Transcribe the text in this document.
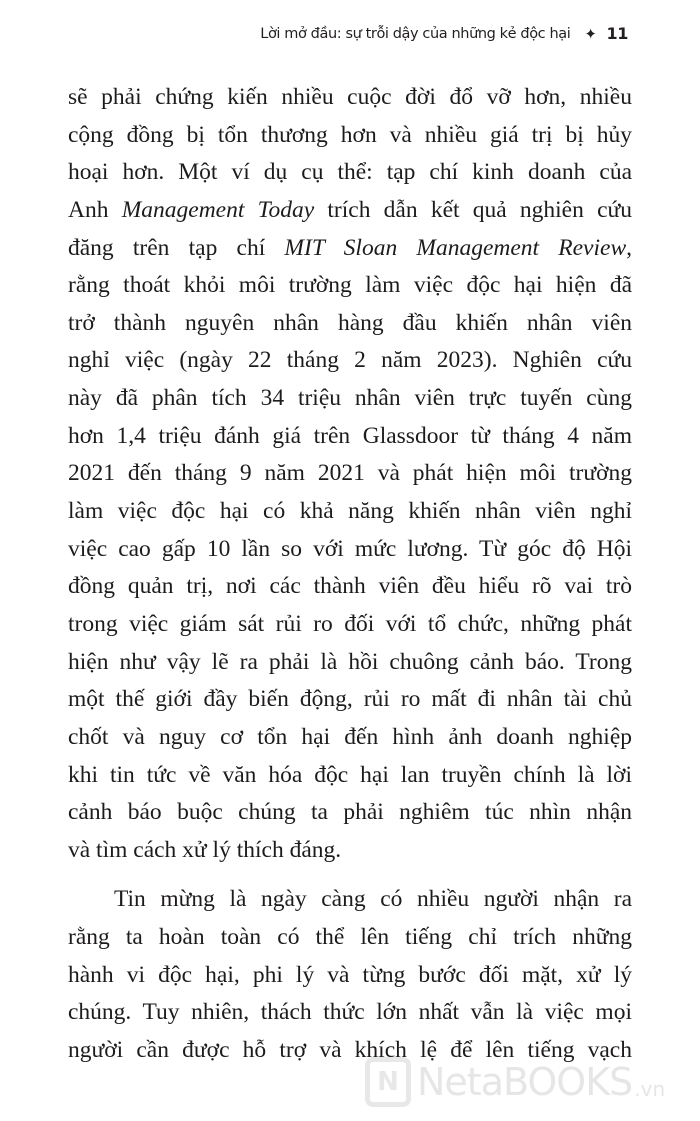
Lời mở đầu: sự trỗi dậy của những kẻ độc hại ✦ 11
sẽ phải chứng kiến nhiều cuộc đời đổ vỡ hơn, nhiều
cộng đồng bị tổn thương hơn và nhiều giá trị bị hủy
hoại hơn. Một ví dụ cụ thể: tạp chí kinh doanh của
Anh Management Today trích dẫn kết quả nghiên cứu
đăng trên tạp chí MIT Sloan Management Review,
rằng thoát khỏi môi trường làm việc độc hại hiện đã
trở thành nguyên nhân hàng đầu khiến nhân viên
nghỉ việc (ngày 22 tháng 2 năm 2023). Nghiên cứu
này đã phân tích 34 triệu nhân viên trực tuyến cùng
hơn 1,4 triệu đánh giá trên Glassdoor từ tháng 4 năm
2021 đến tháng 9 năm 2021 và phát hiện môi trường
làm việc độc hại có khả năng khiến nhân viên nghỉ
việc cao gấp 10 lần so với mức lương. Từ góc độ Hội
đồng quản trị, nơi các thành viên đều hiểu rõ vai trò
trong việc giám sát rủi ro đối với tổ chức, những phát
hiện như vậy lẽ ra phải là hồi chuông cảnh báo. Trong
một thế giới đầy biến động, rủi ro mất đi nhân tài chủ
chốt và nguy cơ tổn hại đến hình ảnh doanh nghiệp
khi tin tức về văn hóa độc hại lan truyền chính là lời
cảnh báo buộc chúng ta phải nghiêm túc nhìn nhận
và tìm cách xử lý thích đáng.
Tin mừng là ngày càng có nhiều người nhận ra
rằng ta hoàn toàn có thể lên tiếng chỉ trích những
hành vi độc hại, phi lý và từng bước đối mặt, xử lý
chúng. Tuy nhiên, thách thức lớn nhất vẫn là việc mọi
người cần được hỗ trợ và khích lệ để lên tiếng vạch
N NetaBOOKS .vn
